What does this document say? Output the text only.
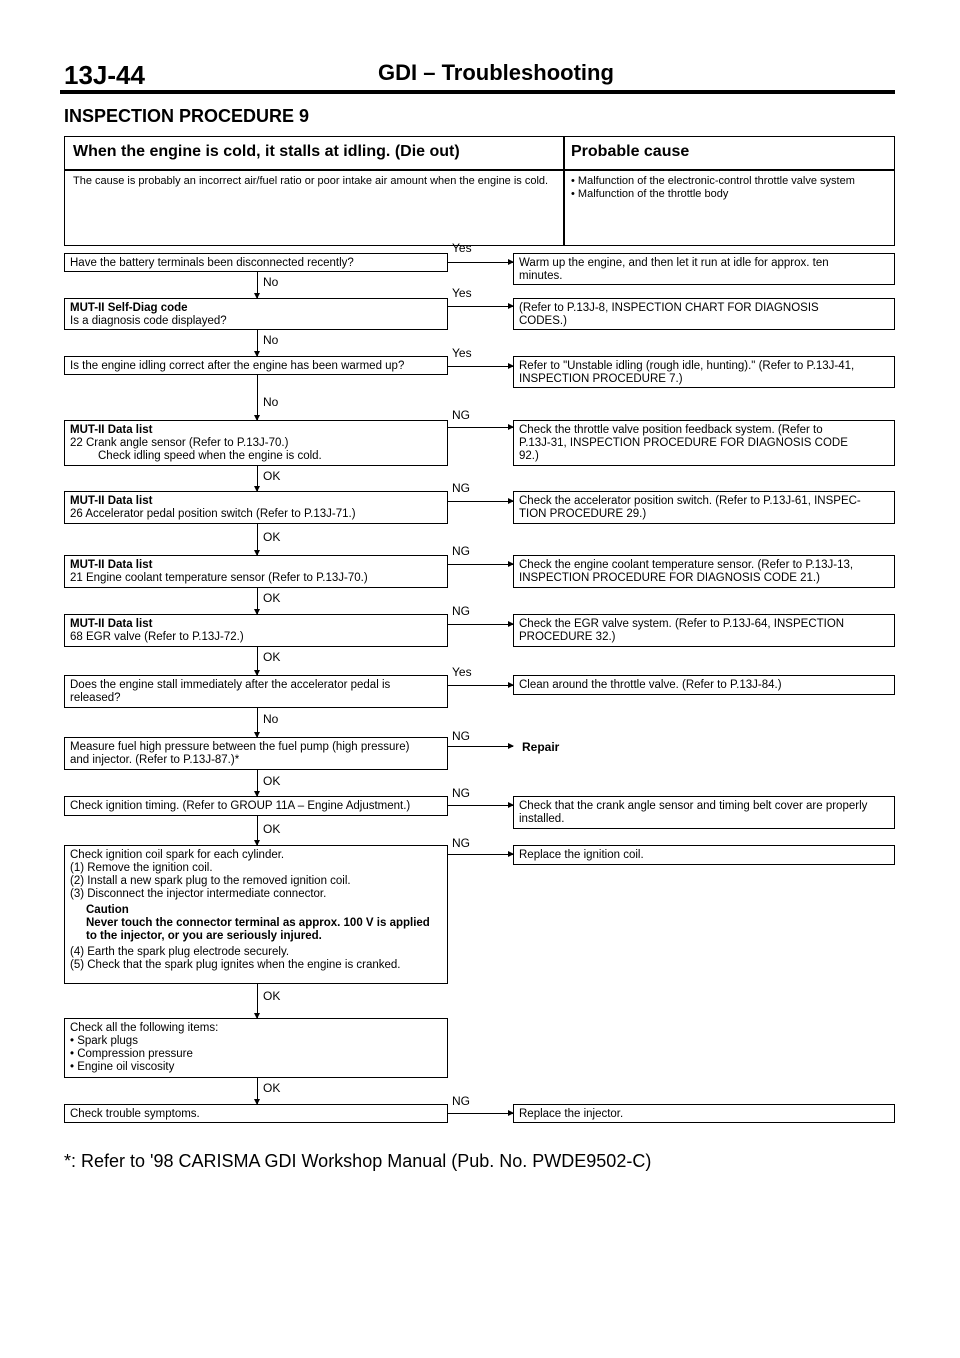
13J-44	GDI – Troubleshooting
INSPECTION PROCEDURE 9
When the engine is cold, it stalls at idling. (Die out)	Probable cause
The cause is probably an incorrect air/fuel ratio or poor intake air amount when the engine is cold.	• Malfunction of the electronic-control throttle valve system
• Malfunction of the throttle body
Have the battery terminals been disconnected recently?
MUT-II Self-Diag code
Is a diagnosis code displayed?
Is the engine idling correct after the engine has been warmed up?
MUT-II Data list
22 Crank angle sensor (Refer to P.13J-70.)
Check idling speed when the engine is cold.
MUT-II Data list
26 Accelerator pedal position switch (Refer to P.13J-71.)
MUT-II Data list
21 Engine coolant temperature sensor (Refer to P.13J-70.)
MUT-II Data list
68 EGR valve (Refer to P.13J-72.)
Does the engine stall immediately after the accelerator pedal is
released?
Measure fuel high pressure between the fuel pump (high pressure)
and injector. (Refer to P.13J-87.)*
Check ignition timing. (Refer to GROUP 11A – Engine Adjustment.)
Check ignition coil spark for each cylinder.
(1) Remove the ignition coil.
(2) Install a new spark plug to the removed ignition coil.
(3) Disconnect the injector intermediate connector.
Caution
Never touch the connector terminal as approx. 100 V is applied to the injector, or you are seriously injured.
(4) Earth the spark plug electrode securely.
(5) Check that the spark plug ignites when the engine is cranked.
Check all the following items:
• Spark plugs
• Compression pressure
• Engine oil viscosity
Check trouble symptoms.
Warm up the engine, and then let it run at idle for approx. ten
minutes.
(Refer to P.13J-8, INSPECTION CHART FOR DIAGNOSIS
CODES.)
Refer to "Unstable idling (rough idle, hunting)." (Refer to P.13J-41,
INSPECTION PROCEDURE 7.)
Check the throttle valve position feedback system. (Refer to
P.13J-31, INSPECTION PROCEDURE FOR DIAGNOSIS CODE
92.)
Check the accelerator position switch. (Refer to P.13J-61, INSPEC-
TION PROCEDURE 29.)
Check the engine coolant temperature sensor. (Refer to P.13J-13,
INSPECTION PROCEDURE FOR DIAGNOSIS CODE 21.)
Check the EGR valve system. (Refer to P.13J-64, INSPECTION
PROCEDURE 32.)
Clean around the throttle valve. (Refer to P.13J-84.)
Repair
Check that the crank angle sensor and timing belt cover are properly
installed.
Replace the ignition coil.
Replace the injector.
No
No
No
OK
OK
OK
OK
No
OK
OK
OK
OK
Yes
Yes
Yes
NG
NG
NG
NG
Yes
NG
NG
NG
NG
*: Refer to '98 CARISMA GDI Workshop Manual (Pub. No. PWDE9502-C)
